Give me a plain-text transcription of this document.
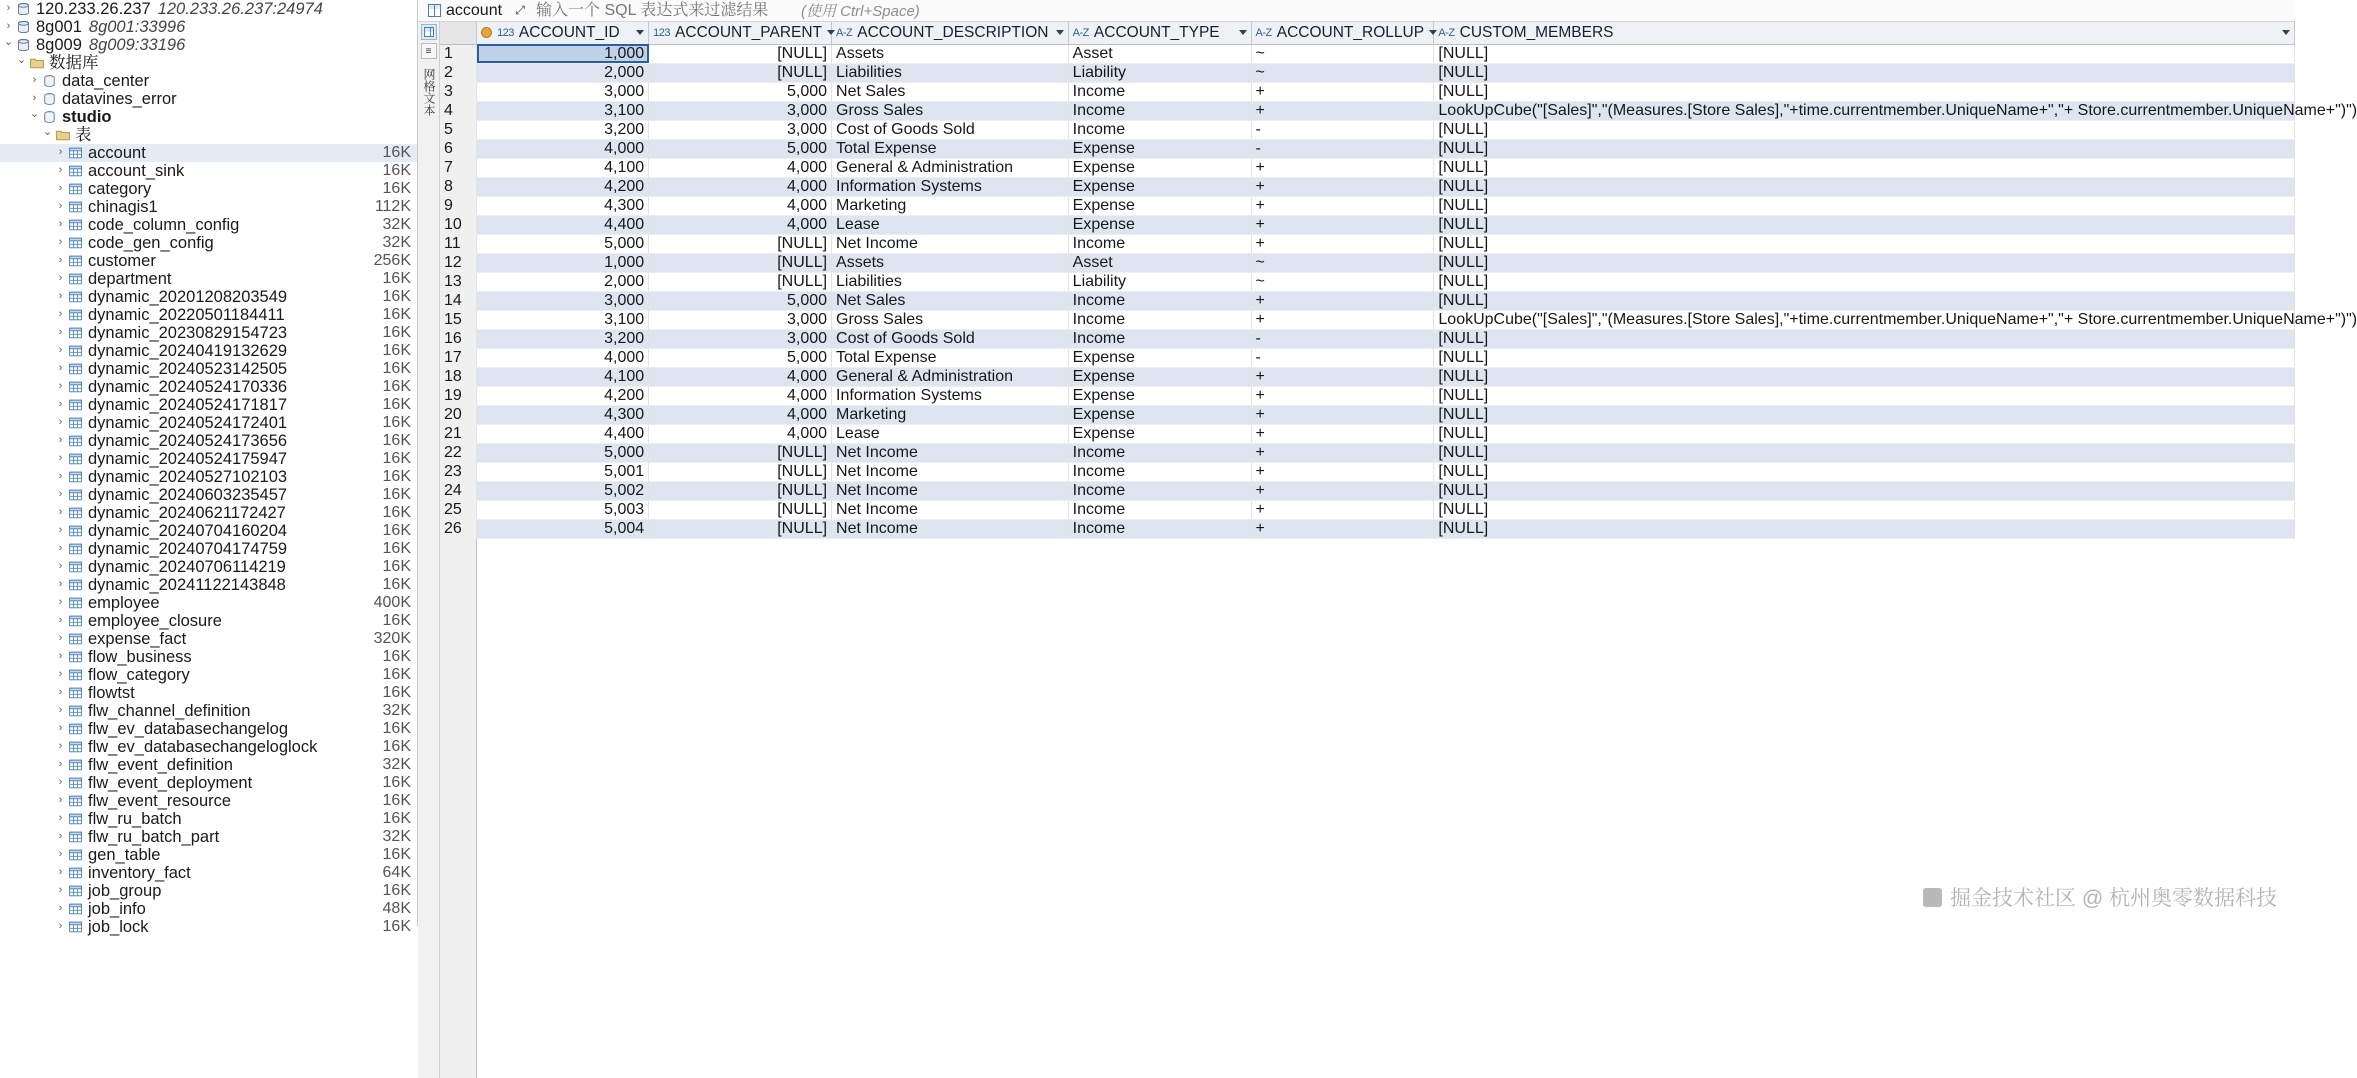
›
120.233.26.237 120.233.26.237:24974
›
8g001 8g001:33996
⌄
8g009 8g009:33196
⌄
数据库
›
data_center
›
datavines_error
⌄
studio
⌄
表
›
account	16K
›
account_sink	16K
›
category	16K
›
chinagis1	112K
›
code_column_config	32K
›
code_gen_config	32K
›
customer	256K
›
department	16K
›
dynamic_20201208203549	16K
›
dynamic_20220501184411	16K
›
dynamic_20230829154723	16K
›
dynamic_20240419132629	16K
›
dynamic_20240523142505	16K
›
dynamic_20240524170336	16K
›
dynamic_20240524171817	16K
›
dynamic_20240524172401	16K
›
dynamic_20240524173656	16K
›
dynamic_20240524175947	16K
›
dynamic_20240527102103	16K
›
dynamic_20240603235457	16K
›
dynamic_20240621172427	16K
›
dynamic_20240704160204	16K
›
dynamic_20240704174759	16K
›
dynamic_20240706114219	16K
›
dynamic_20241122143848	16K
›
employee	400K
›
employee_closure	16K
›
expense_fact	320K
›
flow_business	16K
›
flow_category	16K
›
flowtst	16K
›
flw_channel_definition	32K
›
flw_ev_databasechangelog	16K
›
flw_ev_databasechangeloglock	16K
›
flw_event_definition	32K
›
flw_event_deployment	16K
›
flw_event_resource	16K
›
flw_ru_batch	16K
›
flw_ru_batch_part	32K
›
gen_table	16K
›
inventory_fact	64K
›
job_group	16K
›
job_info	48K
›
job_lock	16K
account ⤢
输入一个 SQL 表达式来过滤结果	(使用 Ctrl+Space)
≡
网格文本

	123 ACCOUNT_ID	123 ACCOUNT_PARENT	A-Z ACCOUNT_DESCRIPTION	A-Z ACCOUNT_TYPE	A-Z ACCOUNT_ROLLUP	A-Z CUSTOM_MEMBERS

1	1,000	[NULL]	Assets	Asset	~	[NULL]
2	2,000	[NULL]	Liabilities	Liability	~	[NULL]
3	3,000	5,000	Net Sales	Income	+	[NULL]
4	3,100	3,000	Gross Sales	Income	+	LookUpCube("[Sales]","(Measures.[Store Sales],"+time.currentmember.UniqueName+","+ Store.currentmember.UniqueName+")")
5	3,200	3,000	Cost of Goods Sold	Income	-	[NULL]
6	4,000	5,000	Total Expense	Expense	-	[NULL]
7	4,100	4,000	General & Administration	Expense	+	[NULL]
8	4,200	4,000	Information Systems	Expense	+	[NULL]
9	4,300	4,000	Marketing	Expense	+	[NULL]
10	4,400	4,000	Lease	Expense	+	[NULL]
11	5,000	[NULL]	Net Income	Income	+	[NULL]
12	1,000	[NULL]	Assets	Asset	~	[NULL]
13	2,000	[NULL]	Liabilities	Liability	~	[NULL]
14	3,000	5,000	Net Sales	Income	+	[NULL]
15	3,100	3,000	Gross Sales	Income	+	LookUpCube("[Sales]","(Measures.[Store Sales],"+time.currentmember.UniqueName+","+ Store.currentmember.UniqueName+")")
16	3,200	3,000	Cost of Goods Sold	Income	-	[NULL]
17	4,000	5,000	Total Expense	Expense	-	[NULL]
18	4,100	4,000	General & Administration	Expense	+	[NULL]
19	4,200	4,000	Information Systems	Expense	+	[NULL]
20	4,300	4,000	Marketing	Expense	+	[NULL]
21	4,400	4,000	Lease	Expense	+	[NULL]
22	5,000	[NULL]	Net Income	Income	+	[NULL]
23	5,001	[NULL]	Net Income	Income	+	[NULL]
24	5,002	[NULL]	Net Income	Income	+	[NULL]
25	5,003	[NULL]	Net Income	Income	+	[NULL]
26	5,004	[NULL]	Net Income	Income	+	[NULL]

掘金技术社区 @ 杭州奥零数据科技
